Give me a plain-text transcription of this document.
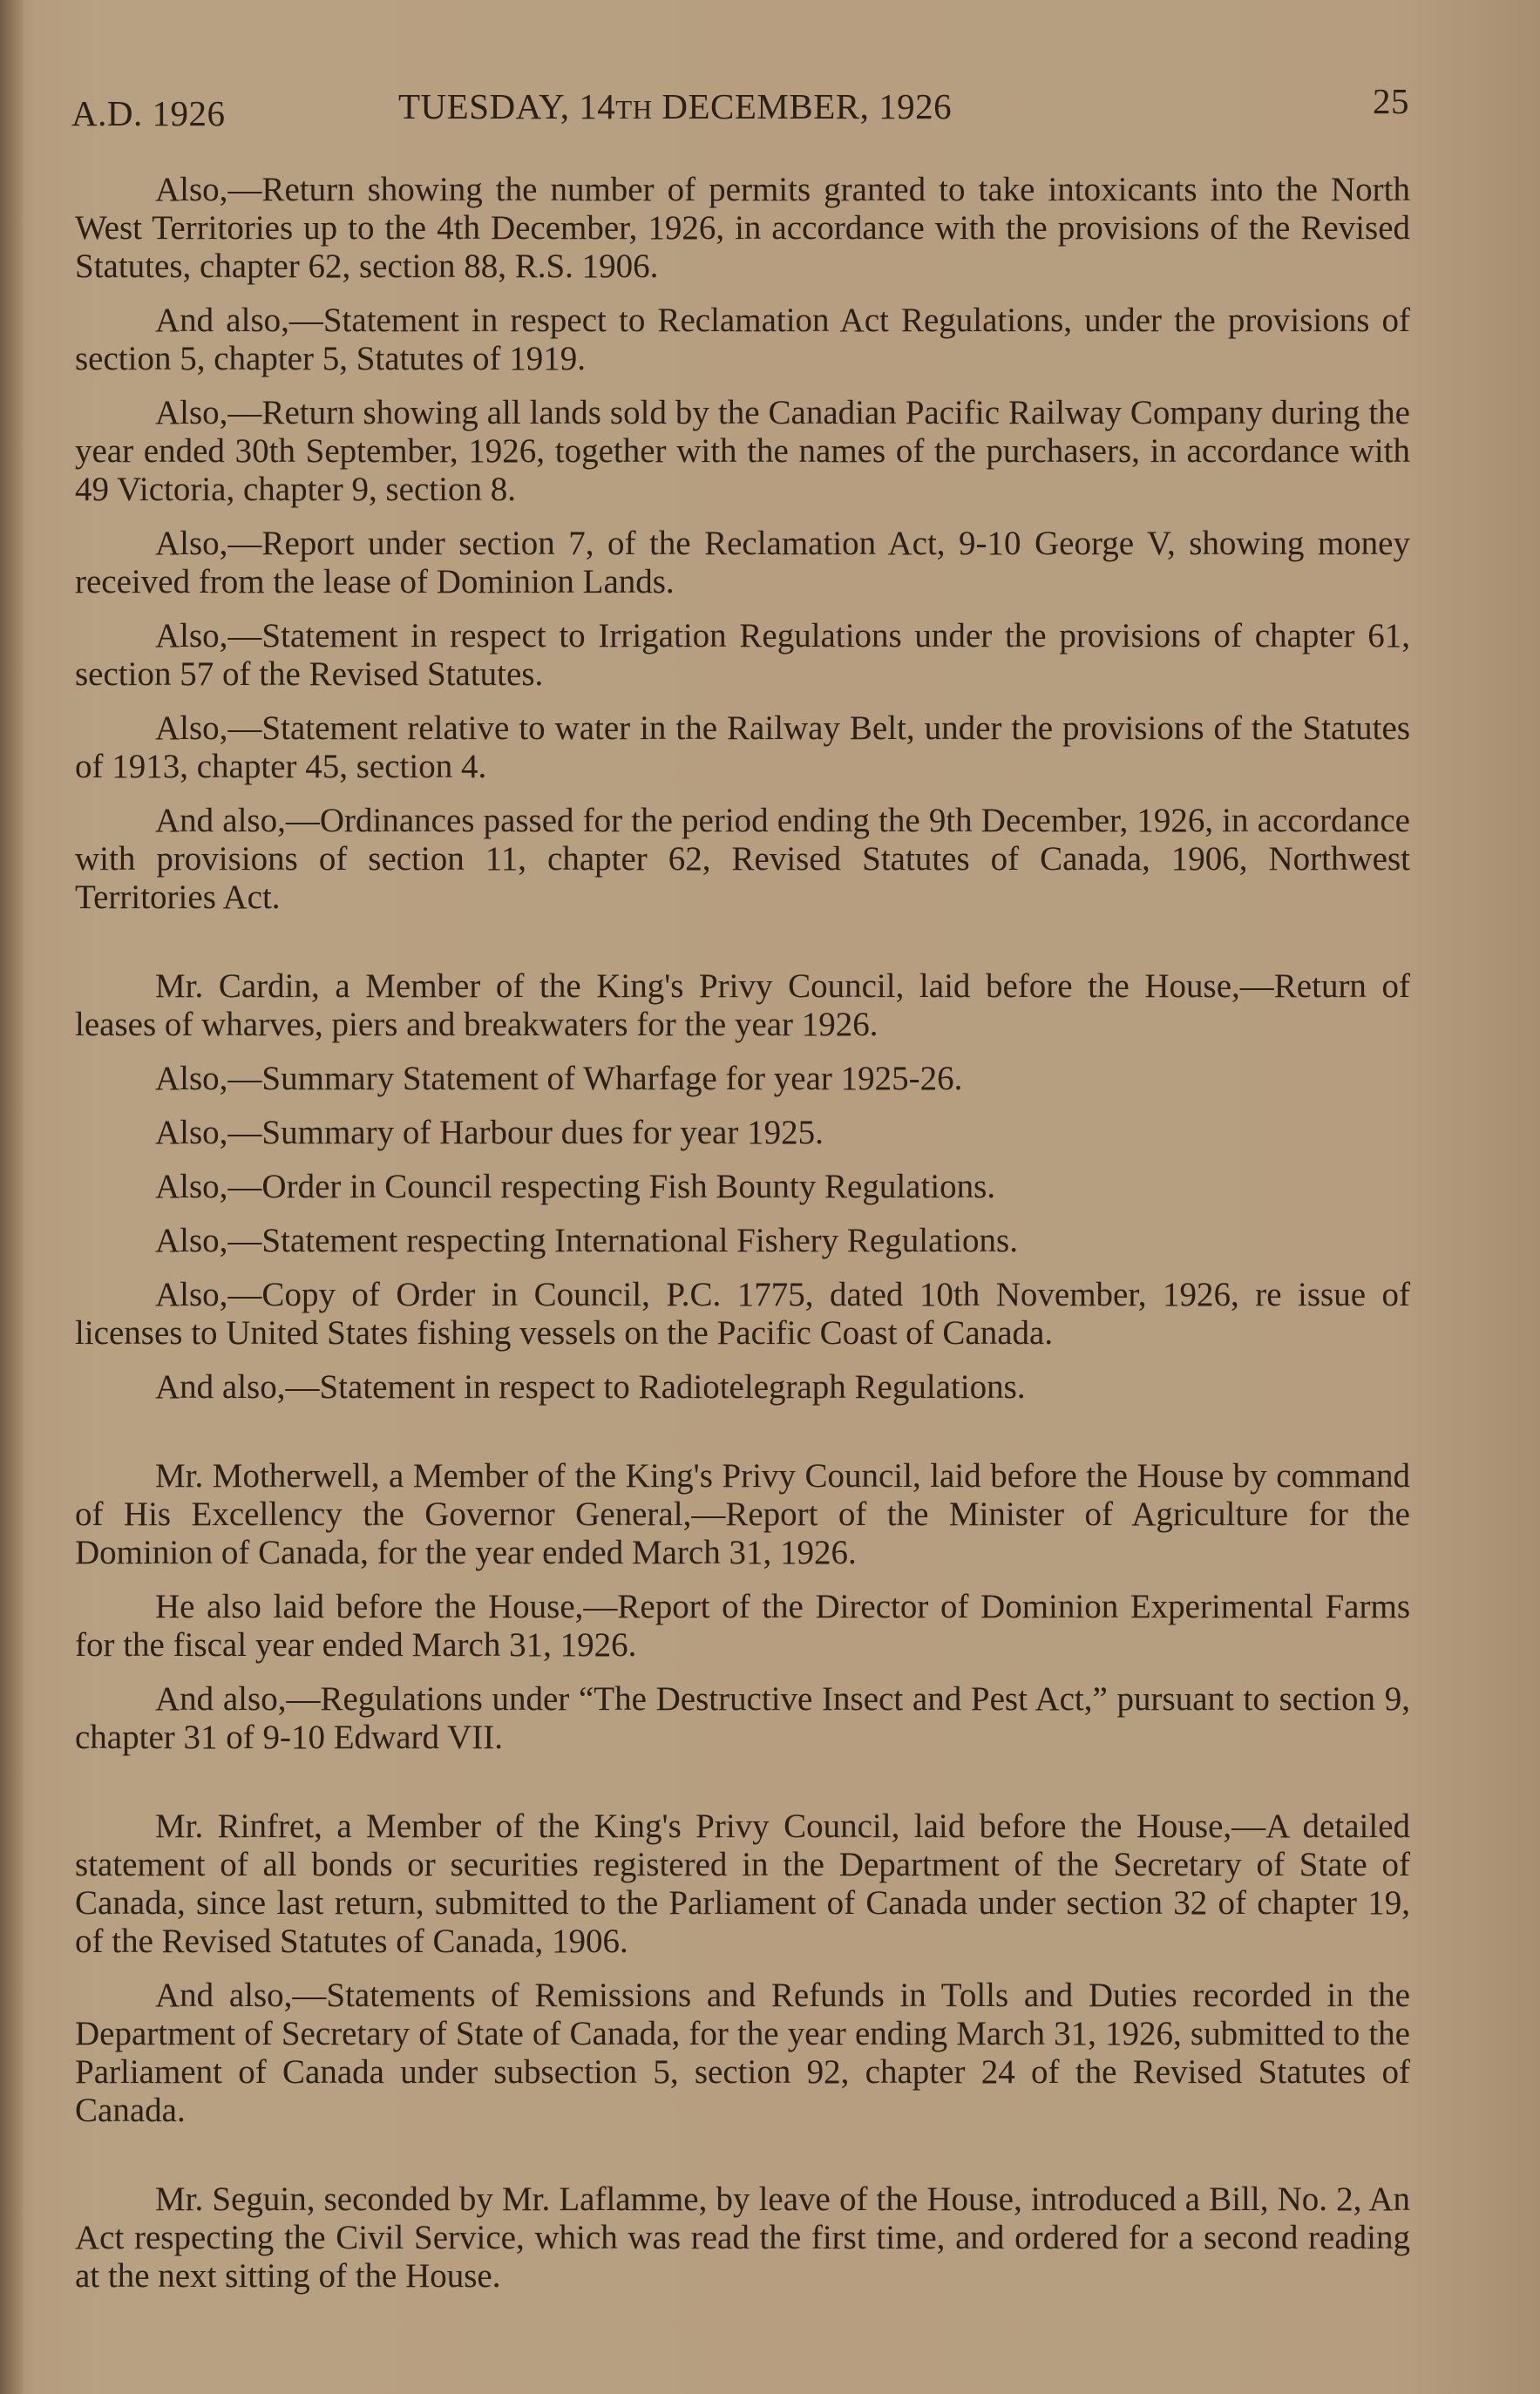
A.D. 1926	TUESDAY, 14TH DECEMBER, 1926	25

Also,—Return showing the number of permits granted to take intoxicants into the North West Territories up to the 4th December, 1926, in accordance with the provisions of the Revised Statutes, chapter 62, section 88, R.S. 1906.

And also,—Statement in respect to Reclamation Act Regulations, under the provisions of section 5, chapter 5, Statutes of 1919.

Also,—Return showing all lands sold by the Canadian Pacific Railway Company during the year ended 30th September, 1926, together with the names of the purchasers, in accordance with 49 Victoria, chapter 9, section 8.

Also,—Report under section 7, of the Reclamation Act, 9-10 George V, showing money received from the lease of Dominion Lands.

Also,—Statement in respect to Irrigation Regulations under the provisions of chapter 61, section 57 of the Revised Statutes.

Also,—Statement relative to water in the Railway Belt, under the provisions of the Statutes of 1913, chapter 45, section 4.

And also,—Ordinances passed for the period ending the 9th December, 1926, in accordance with provisions of section 11, chapter 62, Revised Statutes of Canada, 1906, Northwest Territories Act.

Mr. Cardin, a Member of the King's Privy Council, laid before the House,—Return of leases of wharves, piers and breakwaters for the year 1926.

Also,—Summary Statement of Wharfage for year 1925-26.

Also,—Summary of Harbour dues for year 1925.

Also,—Order in Council respecting Fish Bounty Regulations.

Also,—Statement respecting International Fishery Regulations.

Also,—Copy of Order in Council, P.C. 1775, dated 10th November, 1926, re issue of licenses to United States fishing vessels on the Pacific Coast of Canada.

And also,—Statement in respect to Radiotelegraph Regulations.

Mr. Motherwell, a Member of the King's Privy Council, laid before the House by command of His Excellency the Governor General,—Report of the Minister of Agriculture for the Dominion of Canada, for the year ended March 31, 1926.

He also laid before the House,—Report of the Director of Dominion Experimental Farms for the fiscal year ended March 31, 1926.

And also,—Regulations under “The Destructive Insect and Pest Act,” pursuant to section 9, chapter 31 of 9-10 Edward VII.

Mr. Rinfret, a Member of the King's Privy Council, laid before the House,—A detailed statement of all bonds or securities registered in the Department of the Secretary of State of Canada, since last return, submitted to the Parliament of Canada under section 32 of chapter 19, of the Revised Statutes of Canada, 1906.

And also,—Statements of Remissions and Refunds in Tolls and Duties recorded in the Department of Secretary of State of Canada, for the year ending March 31, 1926, submitted to the Parliament of Canada under subsection 5, section 92, chapter 24 of the Revised Statutes of Canada.

Mr. Seguin, seconded by Mr. Laflamme, by leave of the House, introduced a Bill, No. 2, An Act respecting the Civil Service, which was read the first time, and ordered for a second reading at the next sitting of the House.
